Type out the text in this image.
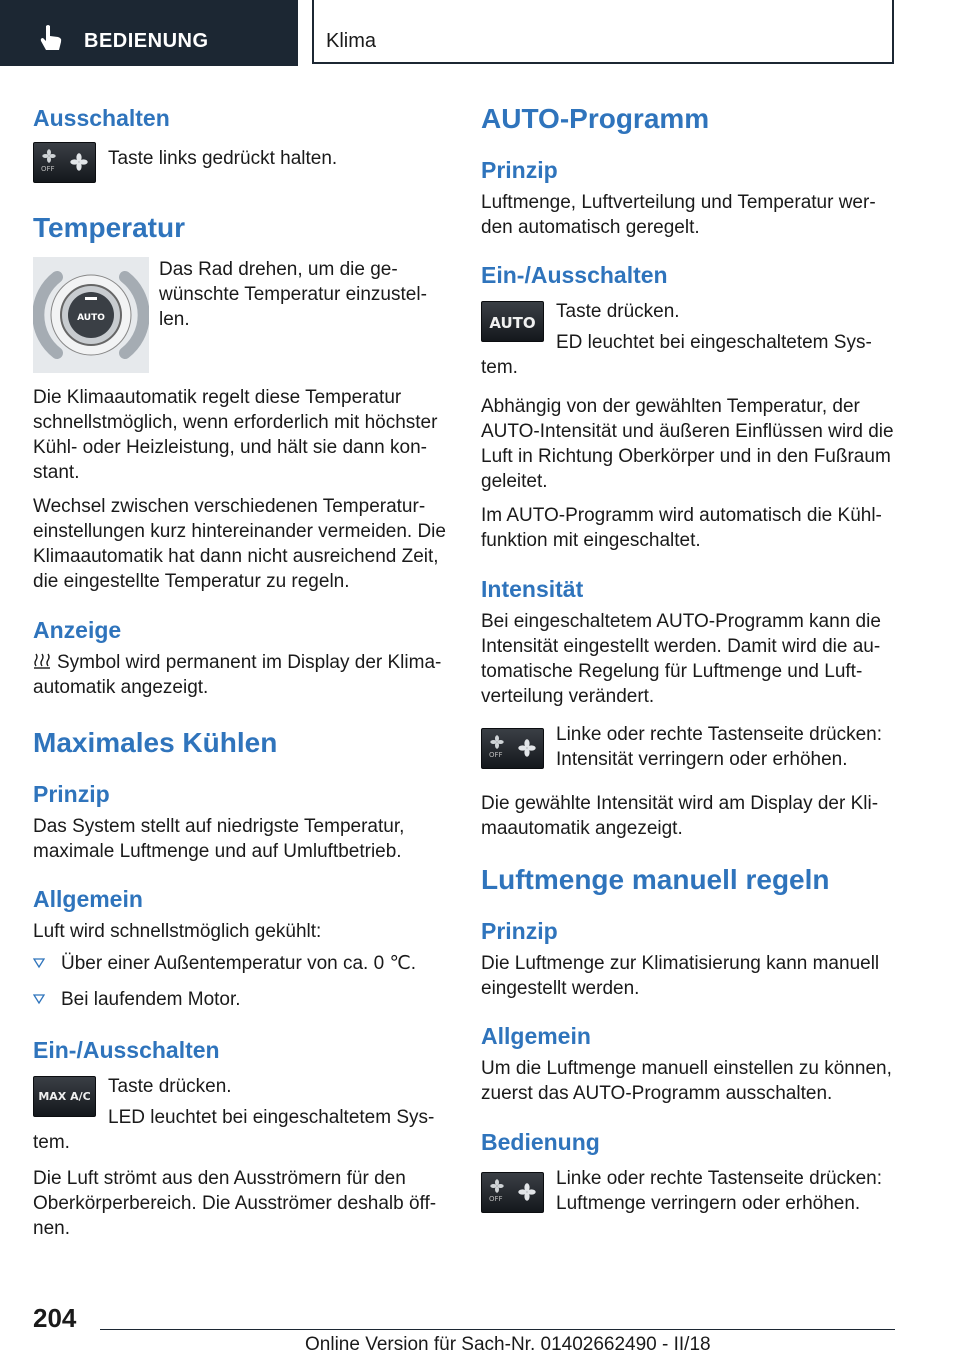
BEDIENUNG	Klima
Ausschalten
OFF	Taste links gedrückt halten.

Temperatur
AUTO

Das Rad drehen, um die ge-

wünschte Temperatur einzustel-

len.

Die Klimaautomatik regelt diese Temperatur schnellstmöglich, wenn erforderlich mit höchster Kühl- oder Heizleistung, und hält sie dann kon-stant.

Wechsel zwischen verschiedenen Temperatur-einstellungen kurz hintereinander vermeiden. Die Klimaautomatik hat dann nicht ausreichend Zeit, die eingestellte Temperatur zu regeln.

Anzeige

Symbol wird permanent im Display der Klima-automatik angezeigt.

Maximales Kühlen
Prinzip

Das System stellt auf niedrigste Temperatur, maximale Luftmenge und auf Umluftbetrieb.

Allgemein

Luft wird schnellstmöglich gekühlt:

Über einer Außentemperatur von ca. 0 ℃.
Bei laufendem Motor.
Ein-/Ausschalten
MAX A/C Taste drücken.

LED leuchtet bei eingeschaltetem Sys-

tem.

Die Luft strömt aus den Ausströmern für den Oberkörperbereich. Die Ausströmer deshalb öff-nen.

AUTO-Programm
Prinzip

Luftmenge, Luftverteilung und Temperatur wer-den automatisch geregelt.

Ein-/Ausschalten
AUTO

Taste drücken.

ED leuchtet bei eingeschaltetem Sys-

tem.

Abhängig von der gewählten Temperatur, der AUTO-Intensität und äußeren Einflüssen wird die Luft in Richtung Oberkörper und in den Fußraum geleitet.

Im AUTO-Programm wird automatisch die Kühl-funktion mit eingeschaltet.

Intensität

Bei eingeschaltetem AUTO-Programm kann die Intensität eingestellt werden. Damit wird die au-tomatische Regelung für Luftmenge und Luft-verteilung verändert.

OFF

Linke oder rechte Tastenseite drücken: Intensität verringern oder erhöhen.

Die gewählte Intensität wird am Display der Kli-maautomatik angezeigt.

Luftmenge manuell regeln
Prinzip

Die Luftmenge zur Klimatisierung kann manuell eingestellt werden.

Allgemein

Um die Luftmenge manuell einstellen zu können, zuerst das AUTO-Programm ausschalten.

Bedienung
OFF

Linke oder rechte Tastenseite drücken: Luftmenge verringern oder erhöhen.

204
Online Version für Sach-Nr. 01402662490 - II/18
